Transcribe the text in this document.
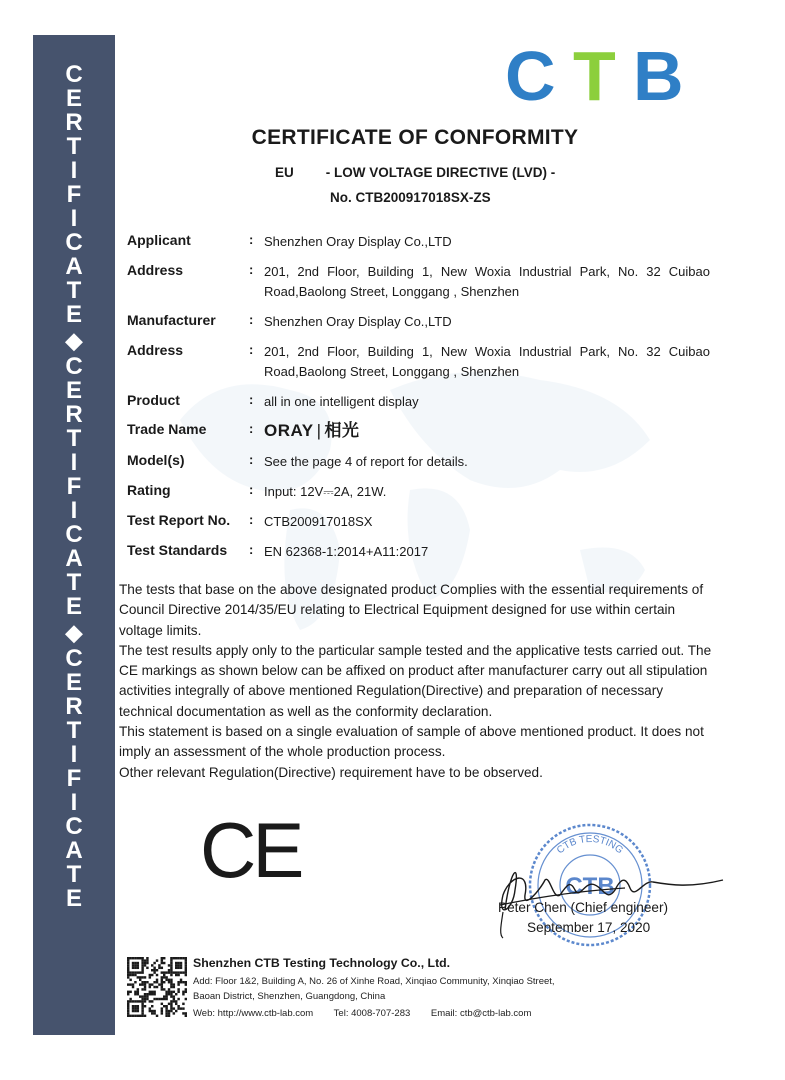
C
E
R
T
I
F
I
C
A
T
E
◆
C
E
R
T
I
F
I
C
A
T
E
◆
C
E
R
T
I
F
I
C
A
T
E
C T B
CERTIFICATE OF CONFORMITY
EU - LOW VOLTAGE DIRECTIVE (LVD) -
No. CTB200917018SX-ZS
Applicant	: Shenzhen Oray Display Co.,LTD
Address	: 201, 2nd Floor, Building 1, New Woxia Industrial Park, No. 32 Cuibao Road,Baolong Street, Longgang , Shenzhen
Manufacturer	: Shenzhen Oray Display Co.,LTD
Address	: 201, 2nd Floor, Building 1, New Woxia Industrial Park, No. 32 Cuibao Road,Baolong Street, Longgang , Shenzhen
Product	: all in one intelligent display
Trade Name	: ORAY | 相光
Model(s)	: See the page 4 of report for details.
Rating	: Input: 12V⎓2A, 21W.
Test Report No. : CTB200917018SX
Test Standards : EN 62368-1:2014+A11:2017

The tests that base on the above designated product Complies with the essential requirements of Council Directive 2014/35/EU relating to Electrical Equipment designed for use within certain voltage limits.

The test results apply only to the particular sample tested and the applicative tests carried out. The CE markings as shown below can be affixed on product after manufacturer carry out all stipulation activities integrally of above mentioned Regulation(Directive) and preparation of necessary technical documentation as well as the conformity declaration.

This statement is based on a single evaluation of sample of above mentioned product. It does not imply an assessment of the whole production process.

Other relevant Regulation(Directive) requirement have to be observed.

CE	CTB TESTING
CTB
Peter Chen (Chief engineer)
September 17, 2020
Shenzhen CTB Testing Technology Co., Ltd.
Add: Floor 1&2, Building A, No. 26 of Xinhe Road, Xinqiao Community, Xinqiao Street,
Baoan District, Shenzhen, Guangdong, China
Web: http://www.ctb-lab.com Tel: 4008-707-283 Email: ctb@ctb-lab.com
